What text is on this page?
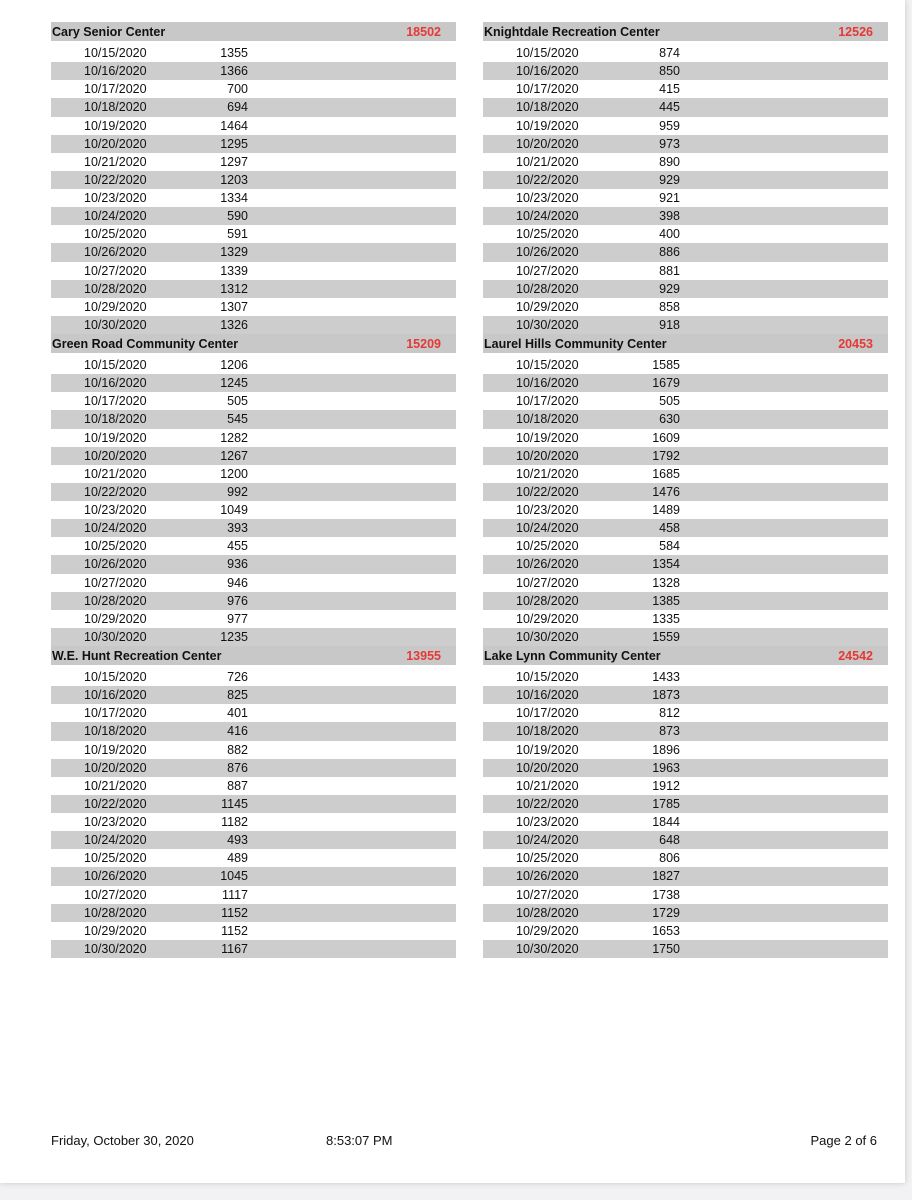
Cary Senior Center	18502
10/15/2020	1355
10/16/2020	1366
10/17/2020	700
10/18/2020	694
10/19/2020	1464
10/20/2020	1295
10/21/2020	1297
10/22/2020	1203
10/23/2020	1334
10/24/2020	590
10/25/2020	591
10/26/2020	1329
10/27/2020	1339
10/28/2020	1312
10/29/2020	1307
10/30/2020	1326
Green Road Community Center	15209
10/15/2020	1206
10/16/2020	1245
10/17/2020	505
10/18/2020	545
10/19/2020	1282
10/20/2020	1267
10/21/2020	1200
10/22/2020	992
10/23/2020	1049
10/24/2020	393
10/25/2020	455
10/26/2020	936
10/27/2020	946
10/28/2020	976
10/29/2020	977
10/30/2020	1235
W.E. Hunt Recreation Center	13955
10/15/2020	726
10/16/2020	825
10/17/2020	401
10/18/2020	416
10/19/2020	882
10/20/2020	876
10/21/2020	887
10/22/2020	1145
10/23/2020	1182
10/24/2020	493
10/25/2020	489
10/26/2020	1045
10/27/2020	1117
10/28/2020	1152
10/29/2020	1152
10/30/2020	1167
Knightdale Recreation Center	12526
10/15/2020	874
10/16/2020	850
10/17/2020	415
10/18/2020	445
10/19/2020	959
10/20/2020	973
10/21/2020	890
10/22/2020	929
10/23/2020	921
10/24/2020	398
10/25/2020	400
10/26/2020	886
10/27/2020	881
10/28/2020	929
10/29/2020	858
10/30/2020	918
Laurel Hills Community Center	20453
10/15/2020	1585
10/16/2020	1679
10/17/2020	505
10/18/2020	630
10/19/2020	1609
10/20/2020	1792
10/21/2020	1685
10/22/2020	1476
10/23/2020	1489
10/24/2020	458
10/25/2020	584
10/26/2020	1354
10/27/2020	1328
10/28/2020	1385
10/29/2020	1335
10/30/2020	1559
Lake Lynn Community Center	24542
10/15/2020	1433
10/16/2020	1873
10/17/2020	812
10/18/2020	873
10/19/2020	1896
10/20/2020	1963
10/21/2020	1912
10/22/2020	1785
10/23/2020	1844
10/24/2020	648
10/25/2020	806
10/26/2020	1827
10/27/2020	1738
10/28/2020	1729
10/29/2020	1653
10/30/2020	1750
Friday, October 30, 2020	8:53:07 PM	Page 2 of 6
